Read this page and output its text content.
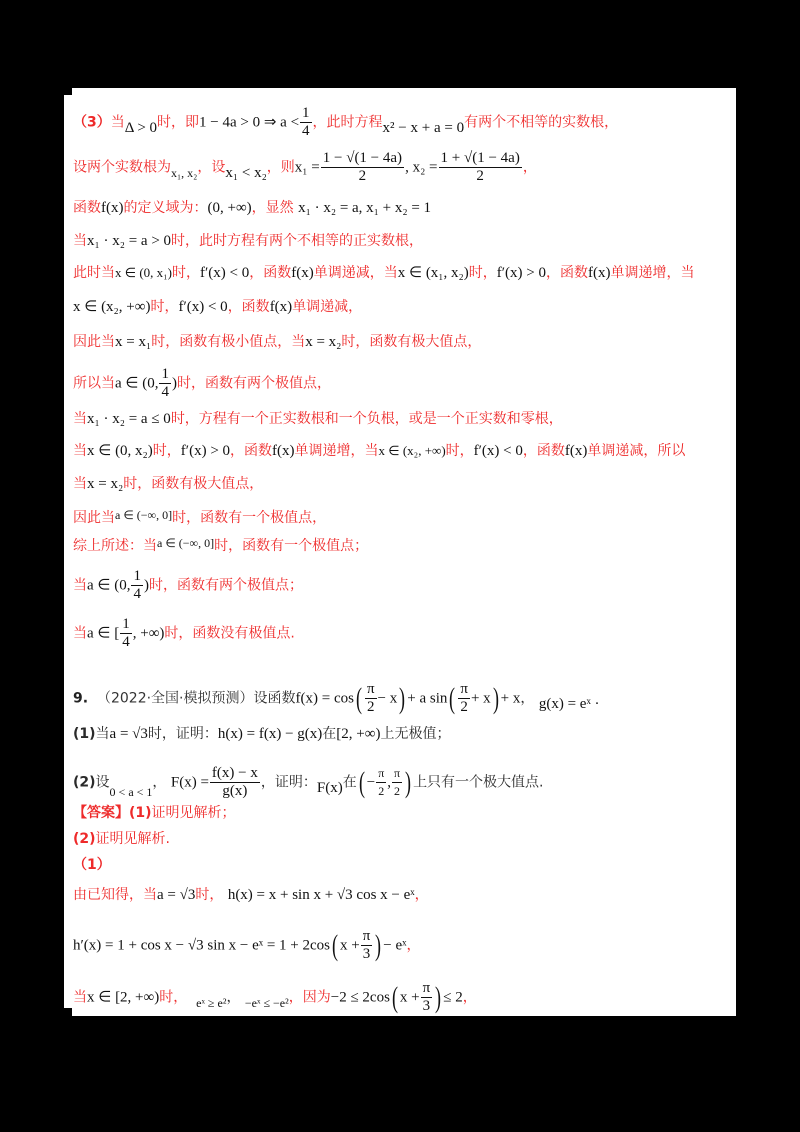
（3）当Δ > 0时，即1 − 4a > 0 ⇒ $a < \frac{1}{4}$ ，此时方程x² − x + a = 0有两个不相等的实数根，
设两个实数根为x₁, x₂，设x₁ < x₂，则$x_1 = \frac{1 - √(1 - 4a)}{2}$ , $x_2 = \frac{1 + √(1 - 4a)}{2}$ ，
函数f(x)的定义域为：(0, +∞)，显然 x₁ · x₂ = a, x₁ + x₂ = 1
当x₁ · x₂ = a > 0时，此时方程有两个不相等的正实数根，
此时当x ∈ (0, x₁)时，f′(x) < 0，函数f(x)单调递减，当x ∈ (x₁, x₂)时，f′(x) > 0，函数f(x)单调递增，当
x ∈ (x₂, +∞)时，f′(x) < 0，函数f(x)单调递减，
因此当x = x₁时，函数有极小值点，当x = x₂时，函数有极大值点，
所以当a ∈ (0, $\frac{1}{4}$ )时，函数有两个极值点，
当x₁ · x₂ = a ≤ 0时，方程有一个正实数根和一个负根，或是一个正实数和零根，
当x ∈ (0, x₂)时，f′(x) > 0，函数f(x)单调递增，当x ∈ (x₂, +∞)时，f′(x) < 0，函数f(x)单调递减，所以
当x = x₂时，函数有极大值点，
因此当a ∈ (−∞, 0]时，函数有一个极值点，
综上所述：当a ∈ (−∞, 0]时，函数有一个极值点；
当a ∈ (0, $\frac{1}{4}$ )时，函数有两个极值点；
当a ∈ [ $\frac{1}{4}$ , +∞)时，函数没有极值点.
9. （2022·全国·模拟预测）设函数$f(x) = \cos( \frac{\pi}{2} - x) + a$ $\sin( \frac{\pi}{2} + x) + x$， g(x) = eˣ ·
(1)当a = √3时，证明：h(x) = f(x) − g(x)在[2, +∞)上无极值；
(2)设0 < a < 1， $F(x) = \frac{f(x) - x}{g(x)}$ ，证明：F(x)在( − $\frac{\pi}{2}$ , $\frac{\pi}{2}$ ) 上只有一个极大值点.
【答案】(1)证明见解析；
(2)证明见解析.
（1）
由已知得，当a = √3时， h(x) = x + sin x + √3 cos x − eˣ，
h′(x) = 1 + cos x − √3 sin x − eˣ = 1 + 2cos( $x + \frac{\pi}{3}$ ) − eˣ，
当x ∈ [2, +∞)时， eˣ ≥ e²， −eˣ ≤ −e²，因为−2 ≤ 2cos( $x + \frac{\pi}{3}$ ) ≤ 2，
